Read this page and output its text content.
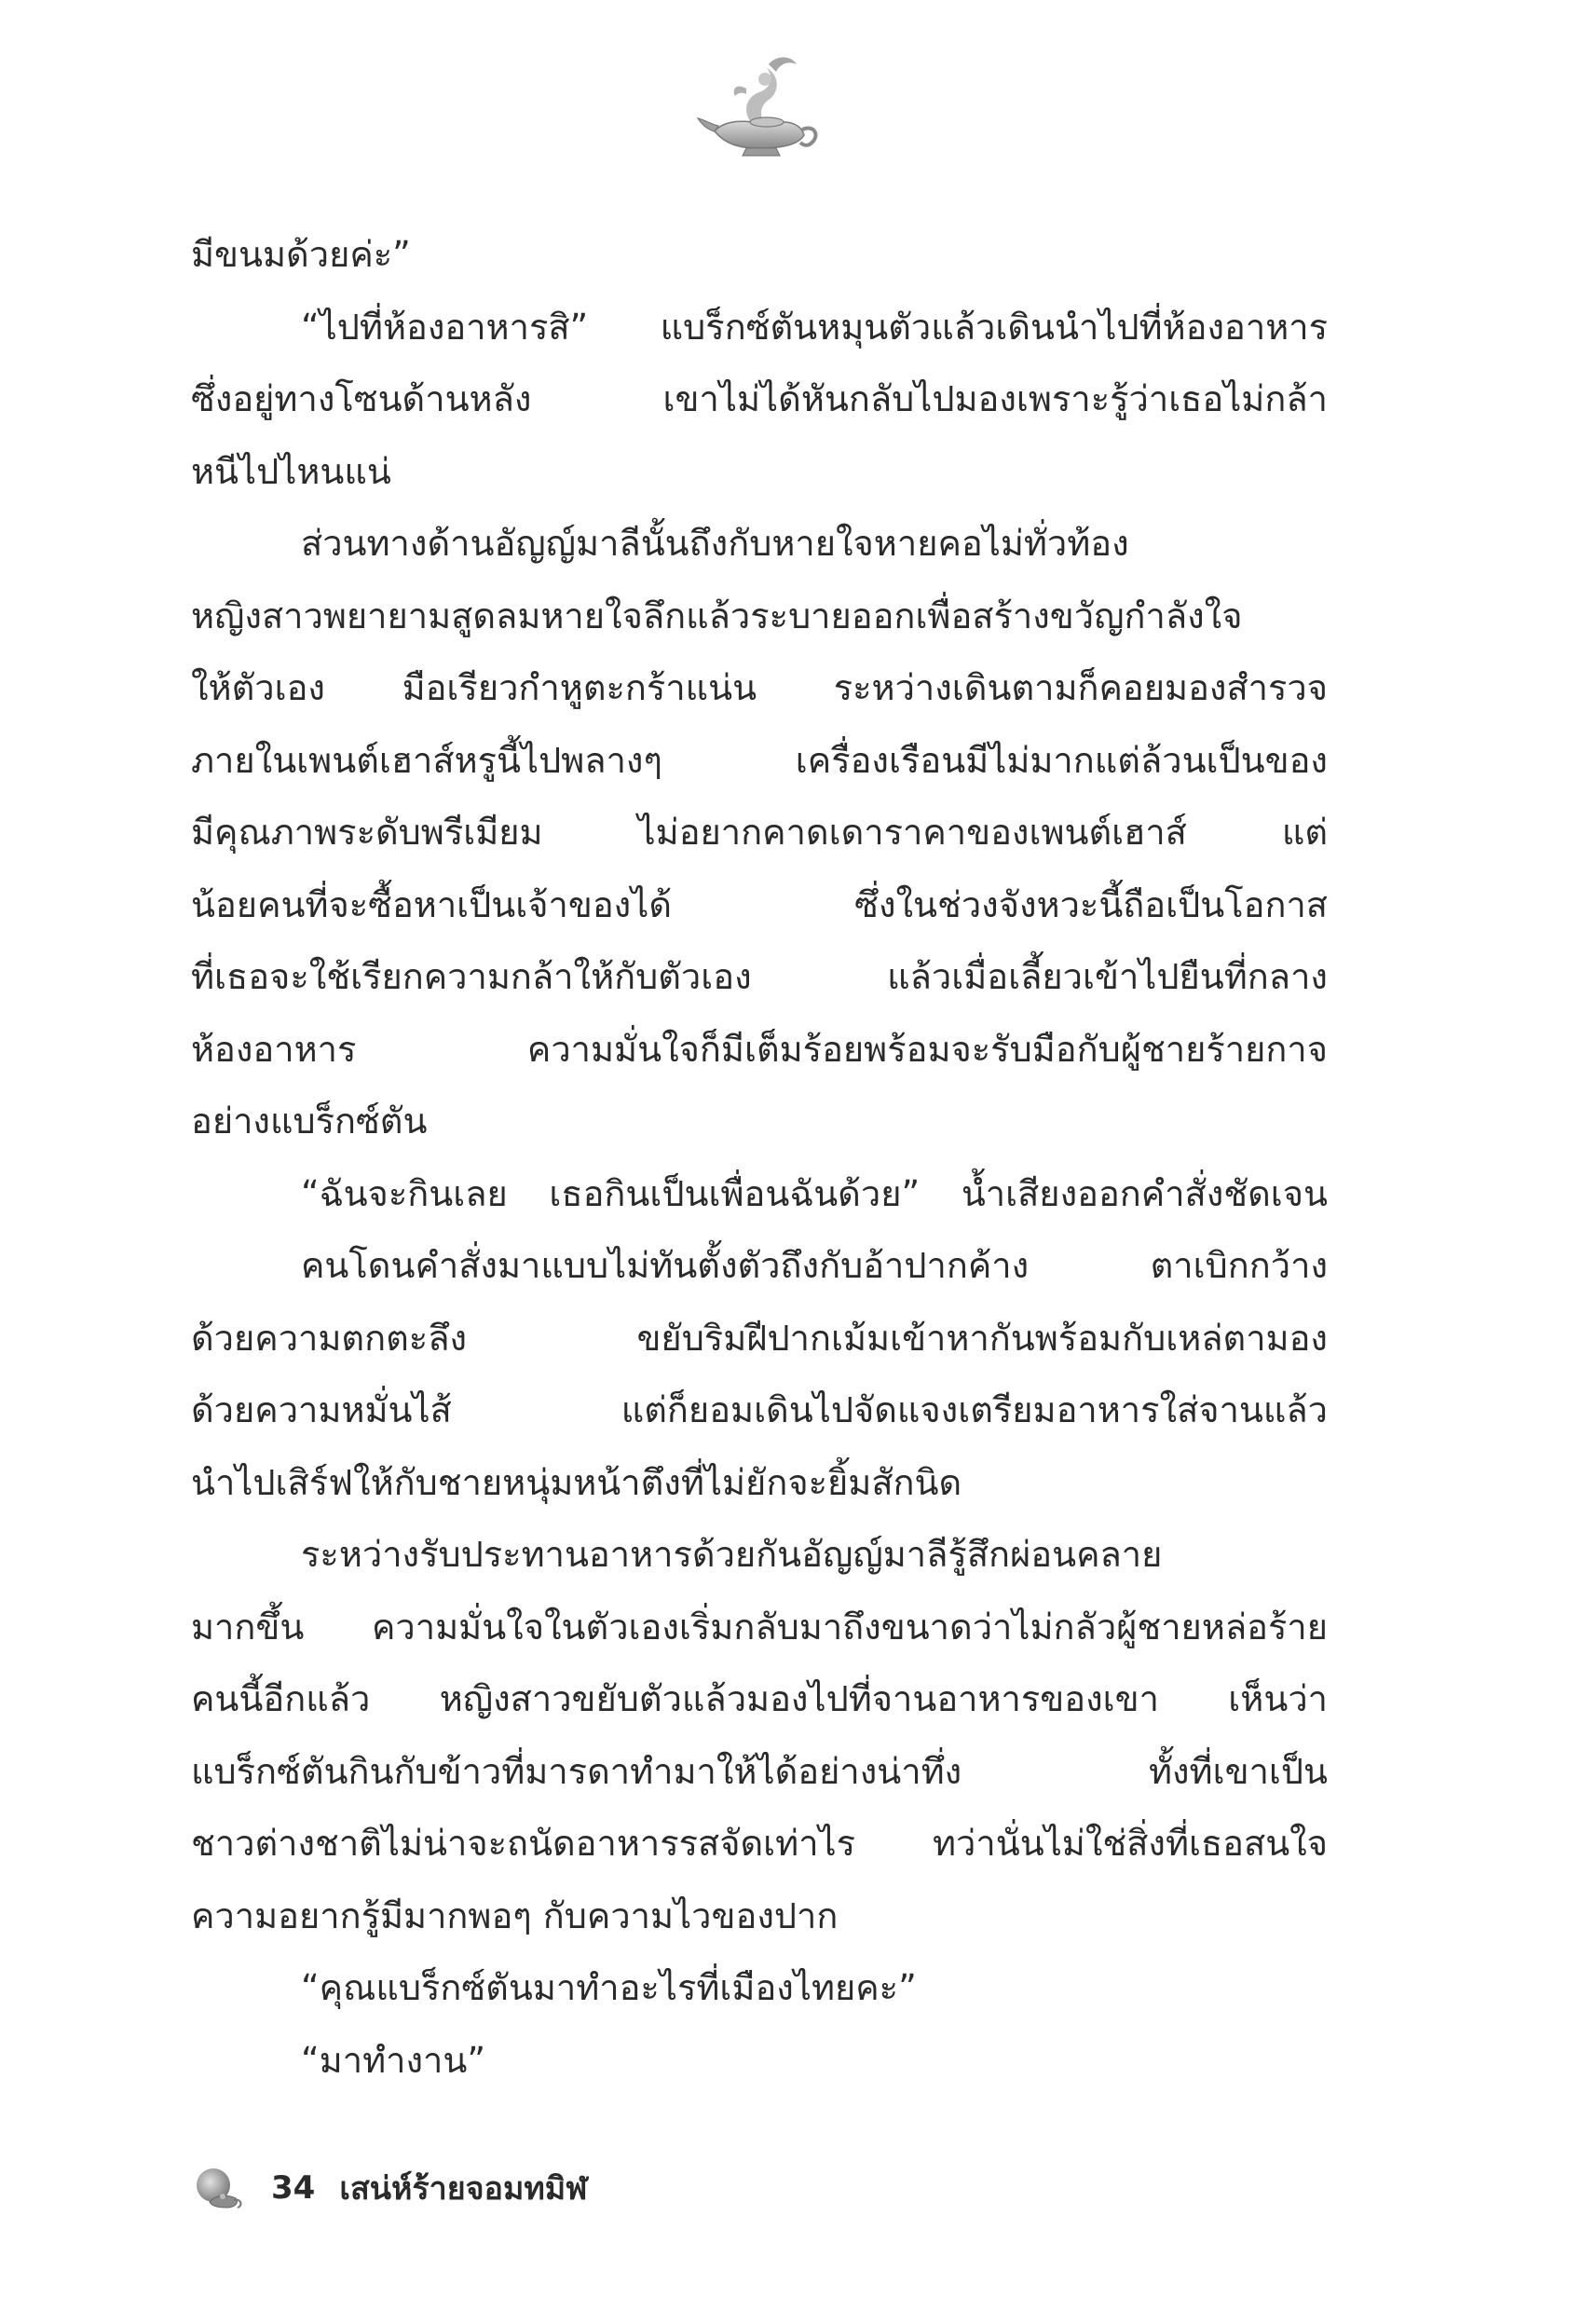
มีขนมด้วยค่ะ”
“ไปที่ห้องอาหารสิ” แบร็กซ์ตันหมุนตัวแล้วเดินนำไปที่ห้องอาหาร
ซึ่งอยู่ทางโซนด้านหลัง เขาไม่ได้หันกลับไปมองเพราะรู้ว่าเธอไม่กล้า
หนีไปไหนแน่
ส่วนทางด้านอัญญ์มาลีนั้นถึงกับหายใจหายคอไม่ทั่วท้อง
หญิงสาวพยายามสูดลมหายใจลึกแล้วระบายออกเพื่อสร้างขวัญกำลังใจ
ให้ตัวเอง มือเรียวกำหูตะกร้าแน่น ระหว่างเดินตามก็คอยมองสำรวจ
ภายในเพนต์เฮาส์หรูนี้ไปพลางๆ เครื่องเรือนมีไม่มากแต่ล้วนเป็นของ
มีคุณภาพระดับพรีเมียม ไม่อยากคาดเดาราคาของเพนต์เฮาส์ แต่
น้อยคนที่จะซื้อหาเป็นเจ้าของได้ ซึ่งในช่วงจังหวะนี้ถือเป็นโอกาส
ที่เธอจะใช้เรียกความกล้าให้กับตัวเอง แล้วเมื่อเลี้ยวเข้าไปยืนที่กลาง
ห้องอาหาร ความมั่นใจก็มีเต็มร้อยพร้อมจะรับมือกับผู้ชายร้ายกาจ
อย่างแบร็กซ์ตัน
“ฉันจะกินเลย เธอกินเป็นเพื่อนฉันด้วย” น้ำเสียงออกคำสั่งชัดเจน
คนโดนคำสั่งมาแบบไม่ทันตั้งตัวถึงกับอ้าปากค้าง ตาเบิกกว้าง
ด้วยความตกตะลึง ขยับริมฝีปากเม้มเข้าหากันพร้อมกับเหล่ตามอง
ด้วยความหมั่นไส้ แต่ก็ยอมเดินไปจัดแจงเตรียมอาหารใส่จานแล้ว
นำไปเสิร์ฟให้กับชายหนุ่มหน้าตึงที่ไม่ยักจะยิ้มสักนิด
ระหว่างรับประทานอาหารด้วยกันอัญญ์มาลีรู้สึกผ่อนคลาย
มากขึ้น ความมั่นใจในตัวเองเริ่มกลับมาถึงขนาดว่าไม่กลัวผู้ชายหล่อร้าย
คนนี้อีกแล้ว หญิงสาวขยับตัวแล้วมองไปที่จานอาหารของเขา เห็นว่า
แบร็กซ์ตันกินกับข้าวที่มารดาทำมาให้ได้อย่างน่าทึ่ง ทั้งที่เขาเป็น
ชาวต่างชาติไม่น่าจะถนัดอาหารรสจัดเท่าไร ทว่านั่นไม่ใช่สิ่งที่เธอสนใจ
ความอยากรู้มีมากพอๆ กับความไวของปาก
“คุณแบร็กซ์ตันมาทำอะไรที่เมืองไทยคะ”
“มาทำงาน”
34 เสน่ห์ร้ายจอมทมิฬ
